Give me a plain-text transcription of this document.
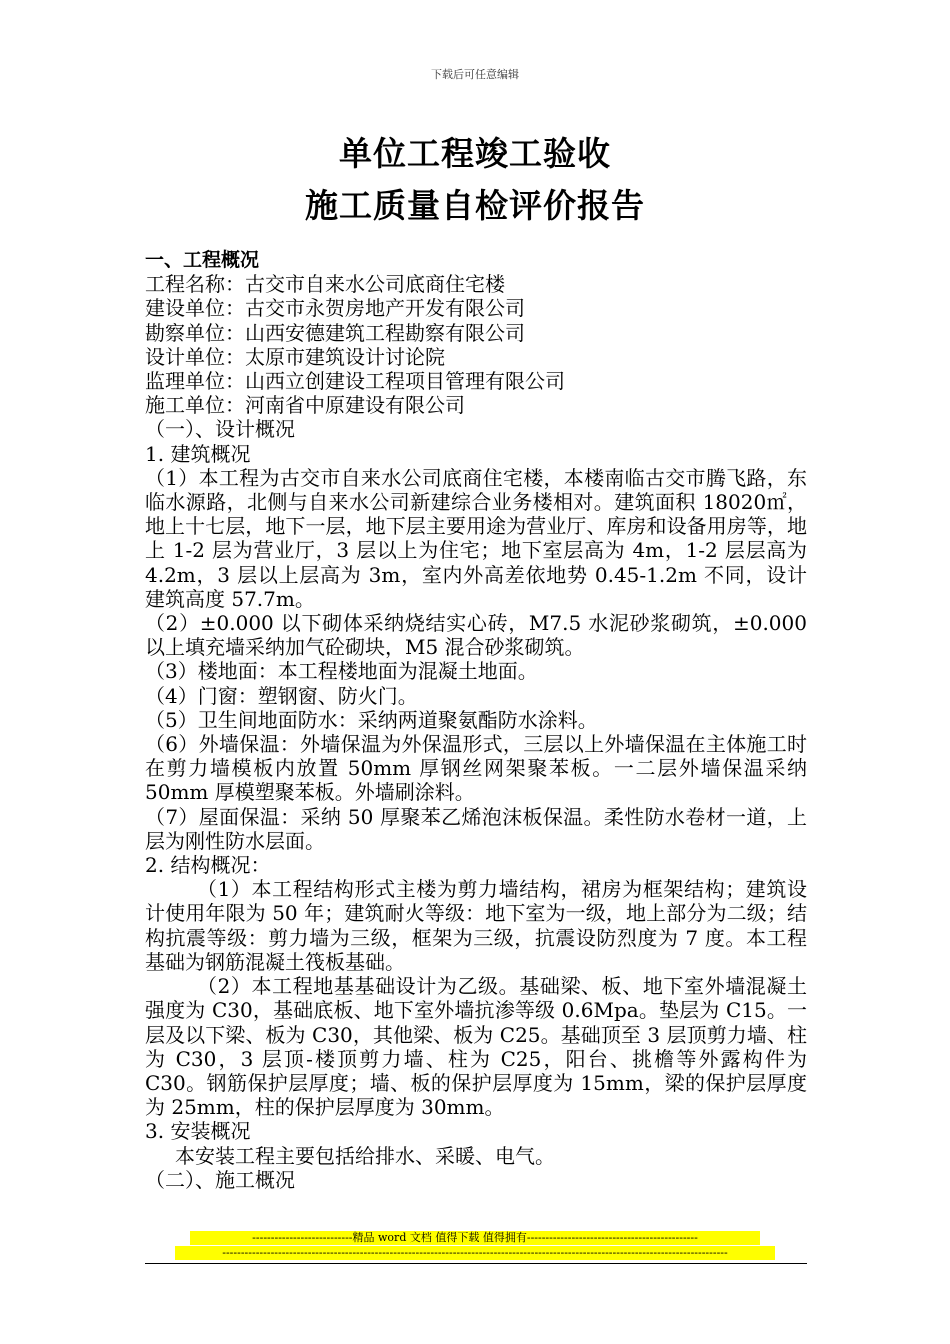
下载后可任意编辑
单位工程竣工验收
施工质量自检评价报告

一、工程概况

工程名称：古交市自来水公司底商住宅楼

建设单位：古交市永贺房地产开发有限公司

勘察单位：山西安德建筑工程勘察有限公司

设计单位：太原市建筑设计讨论院

监理单位：山西立创建设工程项目管理有限公司

施工单位：河南省中原建设有限公司

（一）、设计概况

1. 建筑概况

（1）本工程为古交市自来水公司底商住宅楼，本楼南临古交市腾飞路，东临水源路，北侧与自来水公司新建综合业务楼相对。建筑面积 18020㎡，地上十七层，地下一层，地下层主要用途为营业厅、库房和设备用房等，地上 1-2 层为营业厅，3 层以上为住宅；地下室层高为 4m，1-2 层层高为 4.2m，3 层以上层高为 3m，室内外高差依地势 0.45-1.2m 不同，设计建筑高度 57.7m。

（2）±0.000 以下砌体采纳烧结实心砖，M7.5 水泥砂浆砌筑，±0.000 以上填充墙采纳加气砼砌块，M5 混合砂浆砌筑。

（3）楼地面：本工程楼地面为混凝土地面。

（4）门窗：塑钢窗、防火门。

（5）卫生间地面防水：采纳两道聚氨酯防水涂料。

（6）外墙保温：外墙保温为外保温形式，三层以上外墙保温在主体施工时在剪力墙模板内放置 50mm 厚钢丝网架聚苯板。一二层外墙保温采纳 50mm 厚模塑聚苯板。外墙刷涂料。

（7）屋面保温：采纳 50 厚聚苯乙烯泡沫板保温。柔性防水卷材一道，上层为刚性防水层面。

2. 结构概况：

（1）本工程结构形式主楼为剪力墙结构，裙房为框架结构；建筑设计使用年限为 50 年；建筑耐火等级：地下室为一级，地上部分为二级；结构抗震等级：剪力墙为三级，框架为三级，抗震设防烈度为 7 度。本工程基础为钢筋混凝土筏板基础。

（2）本工程地基基础设计为乙级。基础梁、板、地下室外墙混凝土强度为 C30，基础底板、地下室外墙抗渗等级 0.6Mpa。垫层为 C15。一层及以下梁、板为 C30，其他梁、板为 C25。基础顶至 3 层顶剪力墙、柱为 C30，3 层顶-楼顶剪力墙、柱为 C25，阳台、挑檐等外露构件为 C30。钢筋保护层厚度；墙、板的保护层厚度为 15mm，梁的保护层厚度为 25mm，柱的保护层厚度为 30mm。

3. 安装概况

本安装工程主要包括给排水、采暖、电气。

（二）、施工概况

---------------------------精品 word 文档 值得下载 值得拥有----------------------------------------------
----------------------------------------------------------------------------------------------------------------------------------------
